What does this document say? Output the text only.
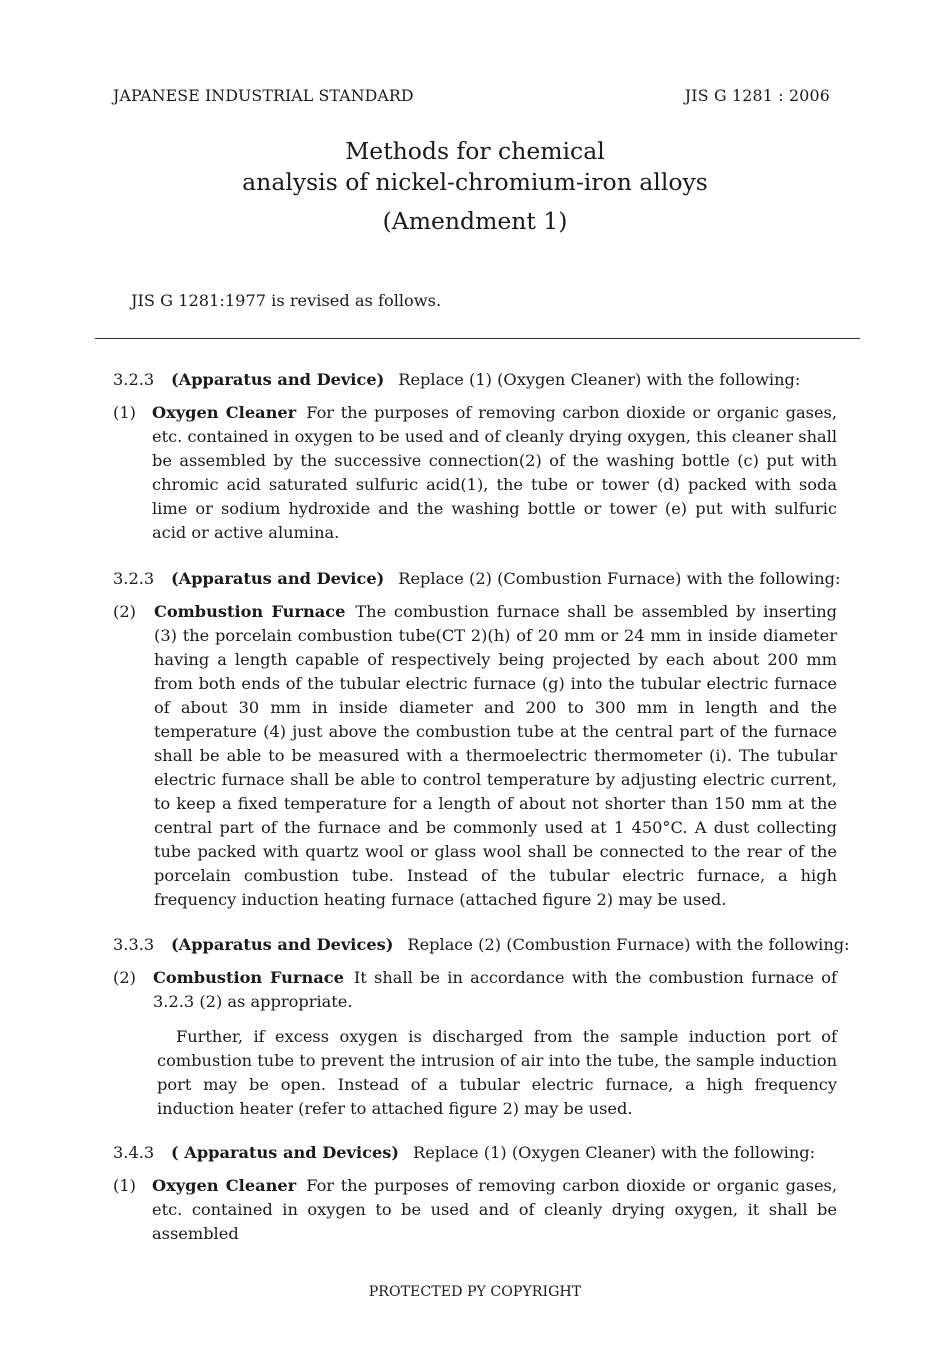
JAPANESE INDUSTRIAL STANDARD	JIS G 1281 : 2006
Methods for chemical
analysis of nickel-chromium-iron alloys
(Amendment 1)
JIS G 1281:1977 is revised as follows.
3.2.3 (Apparatus and Device) Replace (1) (Oxygen Cleaner) with the following:
(1) Oxygen Cleaner For the purposes of removing carbon dioxide or organic gases, etc. contained in oxygen to be used and of cleanly drying oxygen, this cleaner shall be assembled by the successive connection(2) of the washing bottle (c) put with chromic acid saturated sulfuric acid(1), the tube or tower (d) packed with soda lime or sodium hydroxide and the washing bottle or tower (e) put with sulfuric acid or active alumina.
3.2.3 (Apparatus and Device) Replace (2) (Combustion Furnace) with the following:
(2) Combustion Furnace The combustion furnace shall be assembled by inserting (3) the porcelain combustion tube(CT 2)(h) of 20 mm or 24 mm in inside diameter having a length capable of respectively being projected by each about 200 mm from both ends of the tubular electric furnace (g) into the tubular electric furnace of about 30 mm in inside diameter and 200 to 300 mm in length and the temperature (4) just above the combustion tube at the central part of the furnace shall be able to be measured with a thermoelectric thermometer (i). The tubular electric furnace shall be able to control temperature by adjusting electric current, to keep a fixed temperature for a length of about not shorter than 150 mm at the central part of the furnace and be commonly used at 1 450°C. A dust collecting tube packed with quartz wool or glass wool shall be connected to the rear of the porcelain combustion tube. Instead of the tubular electric furnace, a high frequency induction heating furnace (attached figure 2) may be used.
3.3.3 (Apparatus and Devices) Replace (2) (Combustion Furnace) with the following:
(2) Combustion Furnace It shall be in accordance with the combustion furnace of 3.2.3 (2) as appropriate.
Further, if excess oxygen is discharged from the sample induction port of combustion tube to prevent the intrusion of air into the tube, the sample induction port may be open. Instead of a tubular electric furnace, a high frequency induction heater (refer to attached figure 2) may be used.
3.4.3 ( Apparatus and Devices) Replace (1) (Oxygen Cleaner) with the following:
(1) Oxygen Cleaner For the purposes of removing carbon dioxide or organic gases, etc. contained in oxygen to be used and of cleanly drying oxygen, it shall be assembled
PROTECTED PY COPYRIGHT
